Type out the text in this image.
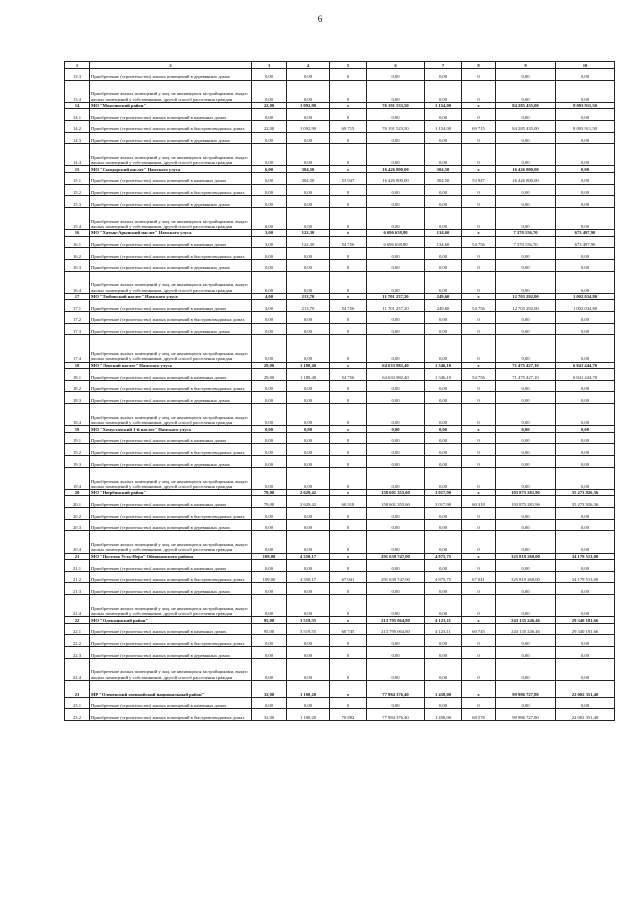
6
1	2	3	4	5	6	7	8	9	10
13.3	Приобретение (строительство) жилых помещений в деревянных домах	0,00	0,00	0	0,00	0,00	0	0,00	0,00
13.4	Приобретение жилых помещений у лиц, не являющихся застройщиками, выкуп жилых помещений у собственников, другой способ расселения граждан	0,00	0,00	0	0,00	0,00	0	0,00	0,00
14	МО "Можгинский район"	22,00	1 092,90	x	76 191 533,50	1 154,00	x	84 285 435,00	8 093 911,50
14.1	Приобретение (строительство) жилых помещений в каменных домах	0,00	0,00	0	0,00	0,00	0	0,00	0,00
14.2	Приобретение (строительство) жилых помещений в быстровозводимых домах	22,00	1 092,90	69 715	76 191 523,50	1 154,00	69 715	84 285 435,00	8 093 911,50
14.3	Приобретение (строительство) жилых помещений в деревянных домах	0,00	0,00	0	0,00	0,00	0	0,00	0,00
14.4	Приобретение жилых помещений у лиц, не являющихся застройщиками, выкуп жилых помещений у собственников, другой способ расселения граждан	0,00	0,00	0	0,00	0,00	0	0,00	0,00
15	МО "Сывдорский наслег" Намского улуса	6,00	304,50	x	16 426 800,00	304,50	x	16 426 800,00	0,00
15.1	Приобретение (строительство) жилых помещений в каменных домах	6,00	304,50	53 947	16 426 800,00	304,50	53 947	16 426 800,00	0,00
15.2	Приобретение (строительство) жилых помещений в быстровозводимых домах	0,00	0,00	0	0,00	0,00	0	0,00	0,00
15.3	Приобретение (строительство) жилых помещений в деревянных домах	0,00	0,00	0	0,00	0,00	0	0,00	0,00
15.4	Приобретение жилых помещений у лиц, не являющихся застройщиками, выкуп жилых помещений у собственников, другой способ расселения граждан	0,00	0,00	0	0,00	0,00	0	0,00	0,00
16	МО "Хатын-Арынский наслег" Намского улуса	3,00	122,30	x	6 696 658,80	134,60	x	7 370 156,70	673 497,90
16.1	Приобретение (строительство) жилых помещений в каменных домах	3,00	122,30	54 756	6 696 658,80	134,60	54 756	7 370 156,70	673 497,90
16.2	Приобретение (строительство) жилых помещений в быстровозводимых домах	0,00	0,00	0	0,00	0,00	0	0,00	0,00
16.3	Приобретение (строительство) жилых помещений в деревянных домах	0,00	0,00	0	0,00	0,00	0	0,00	0,00
16.4	Приобретение жилых помещений у лиц, не являющихся застройщиками, выкуп жилых помещений у собственников, другой способ расселения граждан	0,00	0,00	0	0,00	0,00	0	0,00	0,00
17	МО "Тюбинский наслег" Намского улуса	4,00	213,70	x	11 701 257,20	249,60	x	12 703 292,00	1 002 034,80
17.1	Приобретение (строительство) жилых помещений в каменных домах	4,00	213,70	54 756	11 701 257,20	249,60	54 756	12 703 292,00	1 002 034,80
17.2	Приобретение (строительство) жилых помещений в быстровозводимых домах	0,00	0,00	0	0,00	0,00	0	0,00	0,00
17.3	Приобретение (строительство) жилых помещений в деревянных домах	0,00	0,00	0	0,00	0,00	0	0,00	0,00
17.4	Приобретение жилых помещений у лиц, не являющихся застройщиками, выкуп жилых помещений у собственников, другой способ расселения граждан	0,00	0,00	0	0,00	0,00	0	0,00	0,00
18	МО "Ленский наслег" Намского улуса	29,00	1 180,40	x	64 633 982,40	1 346,10	x	71 475 427,10	6 841 444,70
18.1	Приобретение (строительство) жилых помещений в каменных домах	29,00	1 180,40	54 756	64 633 982,40	1 346,10	54 756	71 475 427,10	6 841 444,70
18.2	Приобретение (строительство) жилых помещений в быстровозводимых домах	0,00	0,00	0	0,00	0,00	0	0,00	0,00
18.3	Приобретение (строительство) жилых помещений в деревянных домах	0,00	0,00	0	0,00	0,00	0	0,00	0,00
18.4	Приобретение жилых помещений у лиц, не являющихся застройщиками, выкуп жилых помещений у собственников, другой способ расселения граждан	0,00	0,00	0	0,00	0,00	0	0,00	0,00
19	МО "Хомустахский 1-й наслег" Намского улуса	0,00	0,00	x	0,00	0,00	x	0,00	0,00
19.1	Приобретение (строительство) жилых помещений в каменных домах	0,00	0,00	0	0,00	0,00	0	0,00	0,00
19.2	Приобретение (строительство) жилых помещений в быстровозводимых домах	0,00	0,00	0	0,00	0,00	0	0,00	0,00
19.3	Приобретение (строительство) жилых помещений в деревянных домах	0,00	0,00	0	0,00	0,00	0	0,00	0,00
19.4	Приобретение жилых помещений у лиц, не являющихся застройщиками, выкуп жилых помещений у собственников, другой способ расселения граждан	0,00	0,00	0	0,00	0,00	0	0,00	0,00
20	МО "Нюрбинский район"	79,00	2 629,42	x	158 601 355,60	3 017,90	x	193 875 281,96	35 273 926,36
20.1	Приобретение (строительство) жилых помещений в каменных домах	79,00	2 629,42	60 318	158 601 355,60	3 017,90	60 318	193 875 281,96	35 273 926,36
20.2	Приобретение (строительство) жилых помещений в быстровозводимых домах	0,00	0,00	0	0,00	0,00	0	0,00	0,00
20.3	Приобретение (строительство) жилых помещений в деревянных домах	0,00	0,00	0	0,00	0,00	0	0,00	0,00
20.4	Приобретение жилых помещений у лиц, не являющихся застройщиками, выкуп жилых помещений у собственников, другой способ расселения граждан	0,00	0,00	0	0,00	0,00	0	0,00	0,00
21	МО "Поселок Усть-Нера" Оймяконского района	109,00	4 350,17	x	291 639 747,00	4 875,75	x	325 819 260,00	34 179 513,00
21.1	Приобретение (строительство) жилых помещений в каменных домах	0,00	0,00	0	0,00	0,00	0	0,00	0,00
21.2	Приобретение (строительство) жилых помещений в быстровозводимых домах	109,00	4 350,17	67 041	291 639 747,00	4 875,75	67 041	325 819 260,00	34 179 513,00
21.3	Приобретение (строительство) жилых помещений в деревянных домах	0,00	0,00	0	0,00	0,00	0	0,00	0,00
21.4	Приобретение жилых помещений у лиц, не являющихся застройщиками, выкуп жилых помещений у собственников, другой способ расселения граждан	0,00	0,00	0	0,00	0,00	0	0,00	0,00
22	МО "Олекминский район"	95,00	3 519,55	x	213 795 064,80	4 123,11	x	243 135 246,46	29 340 181,66
22.1	Приобретение (строительство) жилых помещений в каменных домах	95,00	3 519,55	60 745	213 795 064,80	4 123,11	60 745	243 135 246,46	29 340 181,66
22.2	Приобретение (строительство) жилых помещений в быстровозводимых домах	0,00	0,00	0	0,00	0,00	0	0,00	0,00
22.3	Приобретение (строительство) жилых помещений в деревянных домах	0,00	0,00	0	0,00	0,00	0	0,00	0,00
22.4	Приобретение жилых помещений у лиц, не являющихся застройщиками, выкуп жилых помещений у собственников, другой способ расселения граждан	0,00	0,00	0	0,00	0,00	0	0,00	0,00
23	МР "Оленекский эвенкийский национальный район"	32,00	1 100,20	x	77 984 376,40	1 458,00	x	99 986 727,80	22 002 351,40
23.1	Приобретение (строительство) жилых помещений в каменных домах	0,00	0,00	0	0,00	0,00	0	0,00	0,00
23.2	Приобретение (строительство) жилых помещений в быстровозводимых домах	32,00	1 100,20	70 882	77 984 376,40	1 458,00	68 578	99 986 727,80	22 002 351,40
